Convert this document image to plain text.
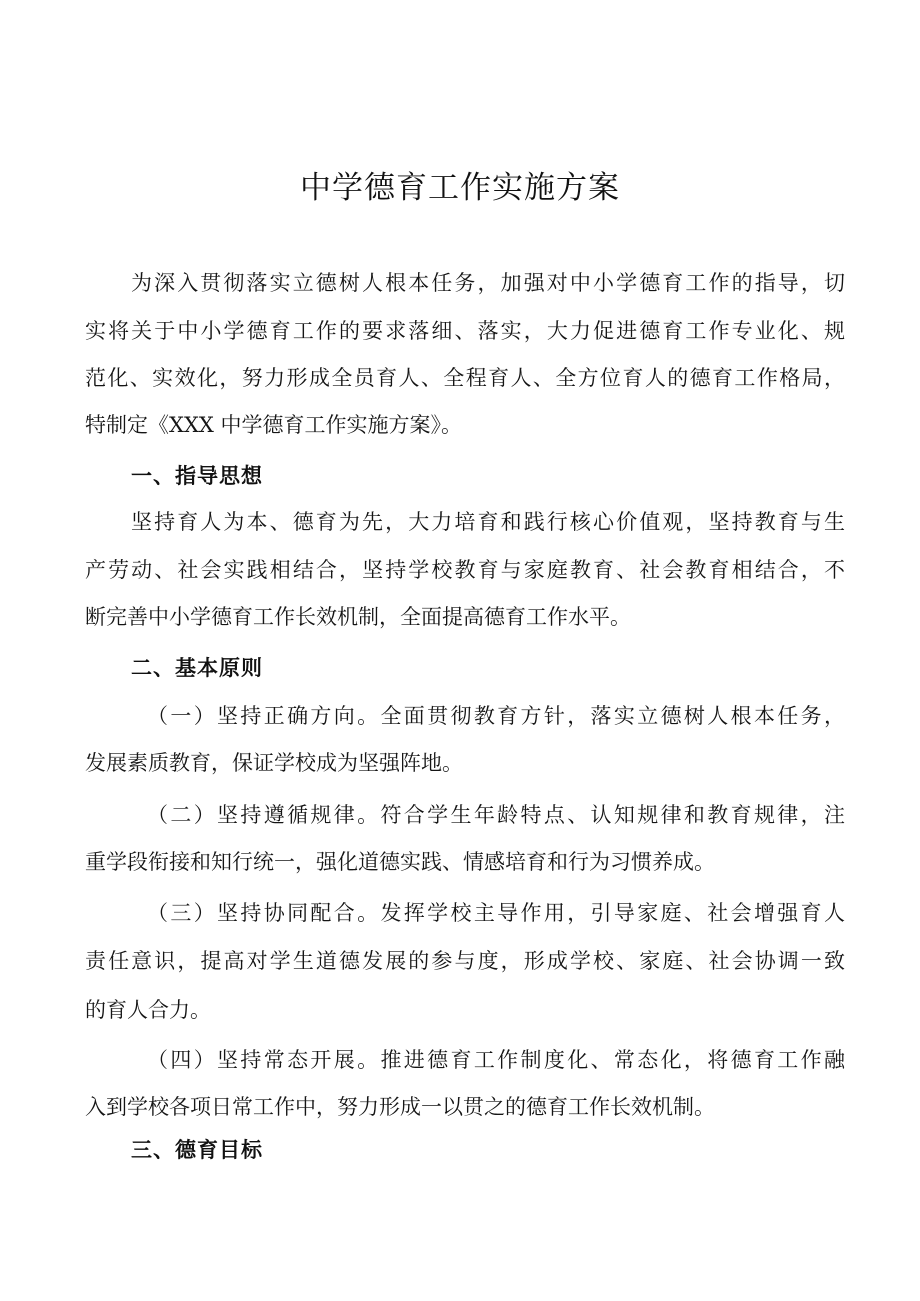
中学德育工作实施方案
为深入贯彻落实立德树人根本任务，加强对中小学德育工作的指导，切
实将关于中小学德育工作的要求落细、落实，大力促进德育工作专业化、规
范化、实效化，努力形成全员育人、全程育人、全方位育人的德育工作格局，
特制定《XXX 中学德育工作实施方案》。
一、指导思想
坚持育人为本、德育为先，大力培育和践行核心价值观，坚持教育与生
产劳动、社会实践相结合，坚持学校教育与家庭教育、社会教育相结合，不
断完善中小学德育工作长效机制，全面提高德育工作水平。
二、基本原则
（一）坚持正确方向。全面贯彻教育方针，落实立德树人根本任务，
发展素质教育，保证学校成为坚强阵地。
（二）坚持遵循规律。符合学生年龄特点、认知规律和教育规律，注
重学段衔接和知行统一，强化道德实践、情感培育和行为习惯养成。
（三）坚持协同配合。发挥学校主导作用，引导家庭、社会增强育人
责任意识，提高对学生道德发展的参与度，形成学校、家庭、社会协调一致
的育人合力。
（四）坚持常态开展。推进德育工作制度化、常态化，将德育工作融
入到学校各项日常工作中，努力形成一以贯之的德育工作长效机制。
三、德育目标
